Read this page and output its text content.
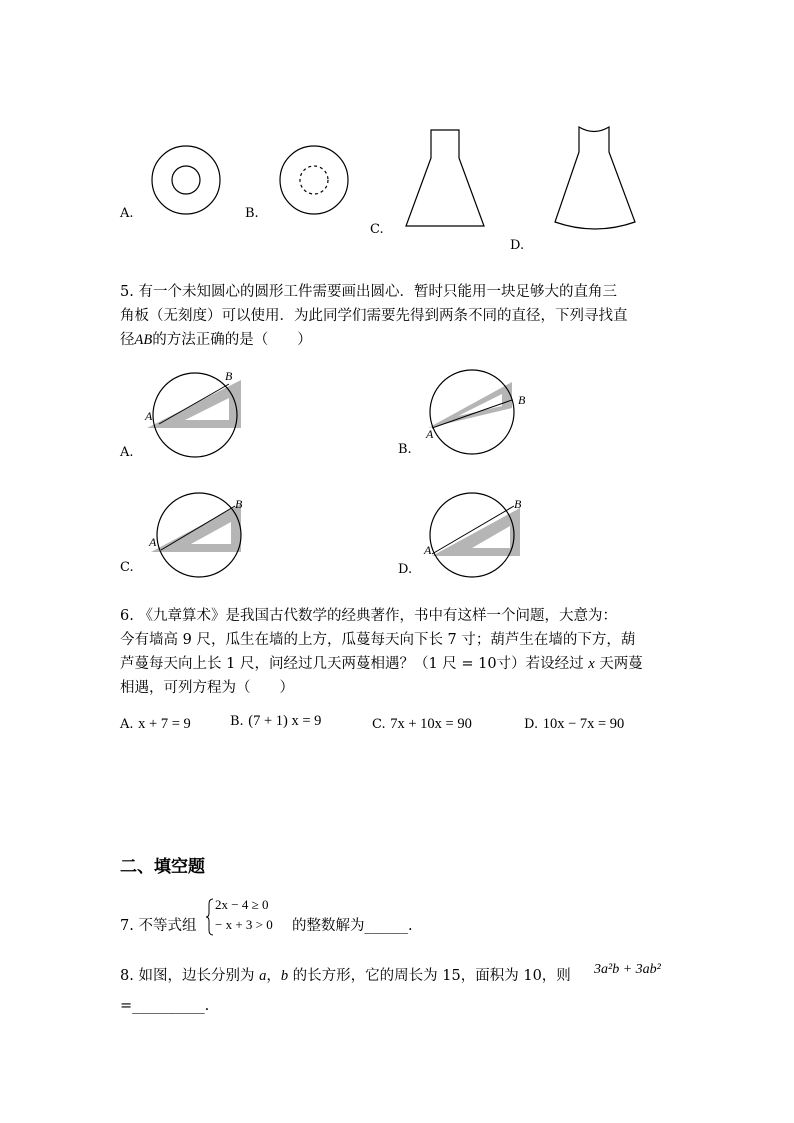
A.	B.
C.
D.
5. 有一个未知圆心的圆形工件需要画出圆心．暂时只能用一块足够大的直角三
角板（无刻度）可以使用．为此同学们需要先得到两条不同的直径，下列寻找直
径AB的方法正确的是（　　）
A
B
A.
A
B
B.
A
B
C.
A
B
D.
6. 《九章算术》是我国古代数学的经典著作，书中有这样一个问题，大意为：
今有墙高 9 尺，瓜生在墙的上方，瓜蔓每天向下长 7 寸；葫芦生在墙的下方，葫
芦蔓每天向上长 1 尺，问经过几天两蔓相遇？（1 尺 = 10寸）若设经过 x 天两蔓
相遇，可列方程为（　　）
A. x + 7 = 9	B. (7 + 1) x = 9	C. 7x + 10x = 90	D. 10x − 7x = 90
二、填空题
7. 不等式组
2x − 4 ≥ 0
− x + 3 > 0 的整数解为______.
8. 如图，边长分别为 a，b 的长方形，它的周长为 15，面积为 10，则 3a²b + 3ab²
=__________.
